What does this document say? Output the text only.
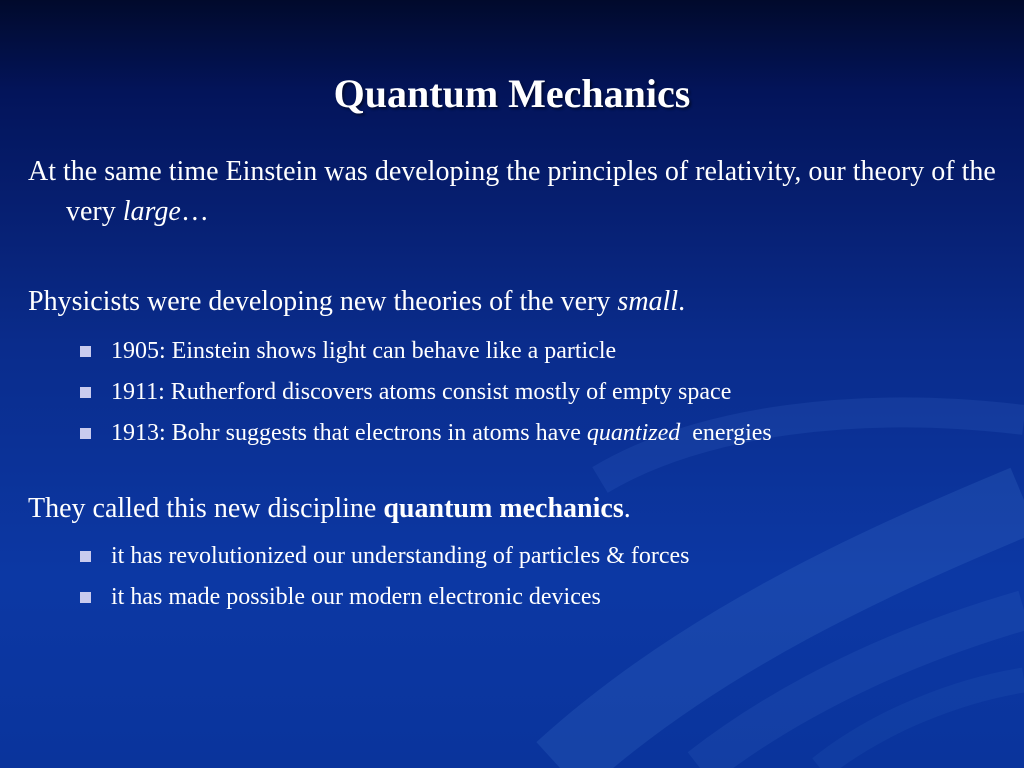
Quantum Mechanics
At the same time Einstein was developing the principles of relativity, our theory of the very large…
Physicists were developing new theories of the very small.
1905: Einstein shows light can behave like a particle
1911: Rutherford discovers atoms consist mostly of empty space
1913: Bohr suggests that electrons in atoms have quantized  energies
They called this new discipline quantum mechanics.
it has revolutionized our understanding of particles & forces
it has made possible our modern electronic devices
